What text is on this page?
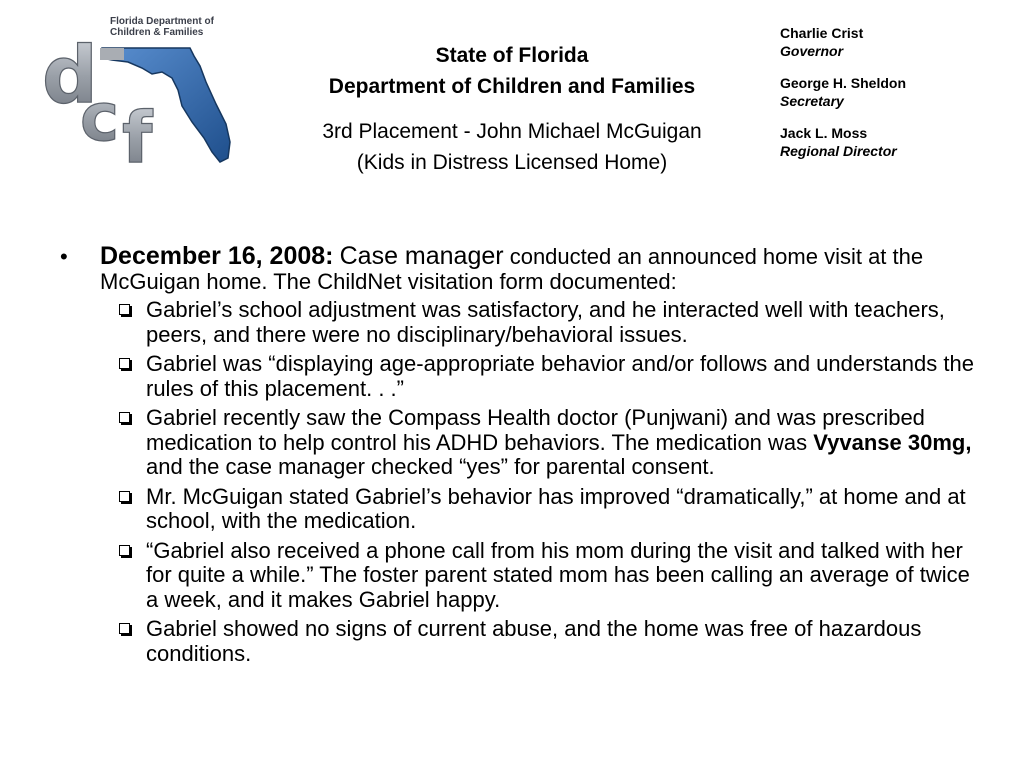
d
c f
Florida Department of
Children & Families
State of Florida
Department of Children and Families
3rd Placement - John Michael McGuigan
(Kids in Distress Licensed Home)
Charlie Crist
Governor
George H. Sheldon
Secretary
Jack L. Moss
Regional Director
• December 16, 2008: Case manager conducted an announced home visit at the McGuigan home. The ChildNet visitation form documented:
Gabriel’s school adjustment was satisfactory, and he interacted well with teachers, peers, and there were no disciplinary/behavioral issues.
Gabriel was “displaying age-appropriate behavior and/or follows and understands the rules of this placement. . .”
Gabriel recently saw the Compass Health doctor (Punjwani) and was prescribed medication to help control his ADHD behaviors. The medication was Vyvanse 30mg, and the case manager checked “yes” for parental consent.
Mr. McGuigan stated Gabriel’s behavior has improved “dramatically,” at home and at school, with the medication.
“Gabriel also received a phone call from his mom during the visit and talked with her for quite a while.” The foster parent stated mom has been calling an average of twice a week, and it makes Gabriel happy.
Gabriel showed no signs of current abuse, and the home was free of hazardous conditions.
